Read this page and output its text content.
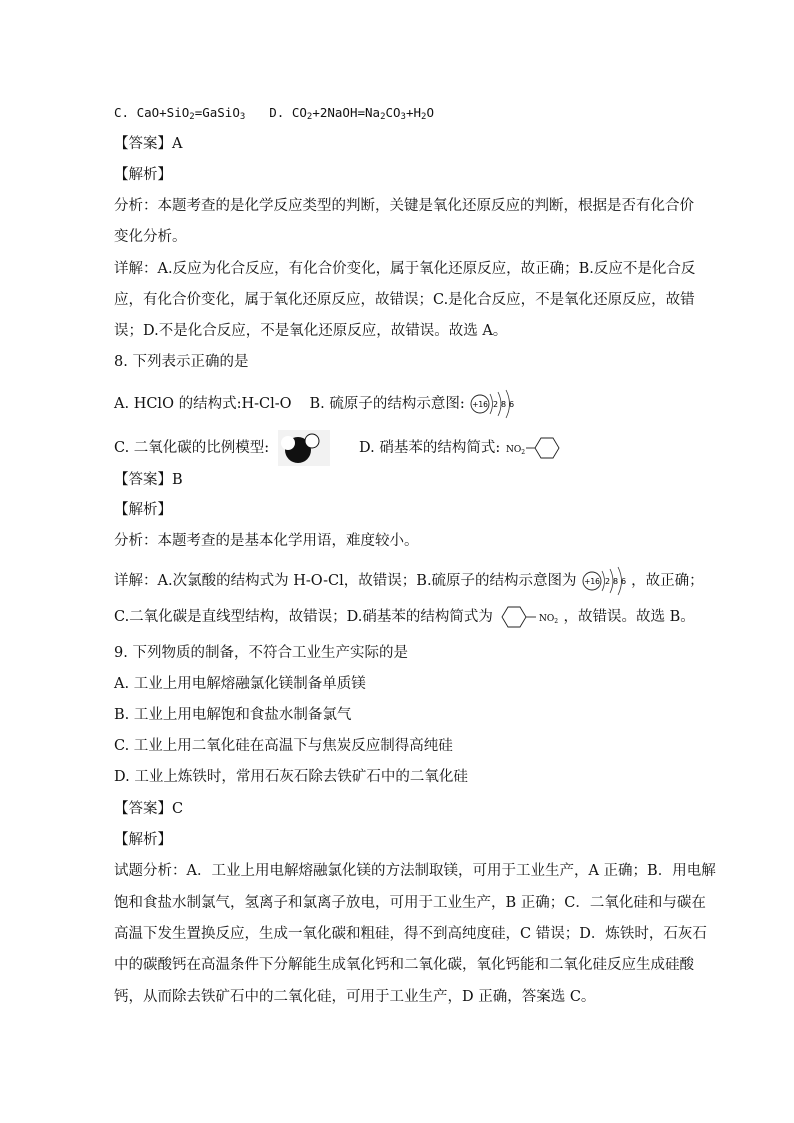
C. CaO+SiO$_2$=GaSiO$_3$ D. $CO_2+2NaOH=Na_2CO_3+H_2O$
【答案】A
【解析】
分析：本题考查的是化学反应类型的判断，关键是氧化还原反应的判断，根据是否有化合价
变化分析。
详解：A.反应为化合反应，有化合价变化，属于氧化还原反应，故正确；B.反应不是化合反
应，有化合价变化，属于氧化还原反应，故错误；C.是化合反应，不是氧化还原反应，故错
误；D.不是化合反应，不是氧化还原反应，故错误。故选 A。
8. 下列表示正确的是
A. HClO 的结构式:H-Cl-O B. 硫原子的结构示意图: +16 2 8 6
C. 二氧化碳的比例模型:	D. 硝基苯的结构简式: $NO_2$
【答案】B
【解析】
分析：本题考查的是基本化学用语，难度较小。
详解：A.次氯酸的结构式为 H-O-Cl，故错误；B.硫原子的结构示意图为 +16 2 8 6 ，故正确；
C.二氧化碳是直线型结构，故错误；D.硝基苯的结构简式为	$NO_2$ ，故错误。故选 B。
9. 下列物质的制备，不符合工业生产实际的是
A. 工业上用电解熔融氯化镁制备单质镁
B. 工业上用电解饱和食盐水制备氯气
C. 工业上用二氧化硅在高温下与焦炭反应制得高纯硅
D. 工业上炼铁时，常用石灰石除去铁矿石中的二氧化硅
【答案】C
【解析】
试题分析：A．工业上用电解熔融氯化镁的方法制取镁，可用于工业生产，A 正确；B．用电解
饱和食盐水制氯气，氢离子和氯离子放电，可用于工业生产，B 正确；C．二氧化硅和与碳在
高温下发生置换反应，生成一氧化碳和粗硅，得不到高纯度硅，C 错误；D．炼铁时，石灰石
中的碳酸钙在高温条件下分解能生成氧化钙和二氧化碳，氧化钙能和二氧化硅反应生成硅酸
钙，从而除去铁矿石中的二氧化硅，可用于工业生产，D 正确，答案选 C。
